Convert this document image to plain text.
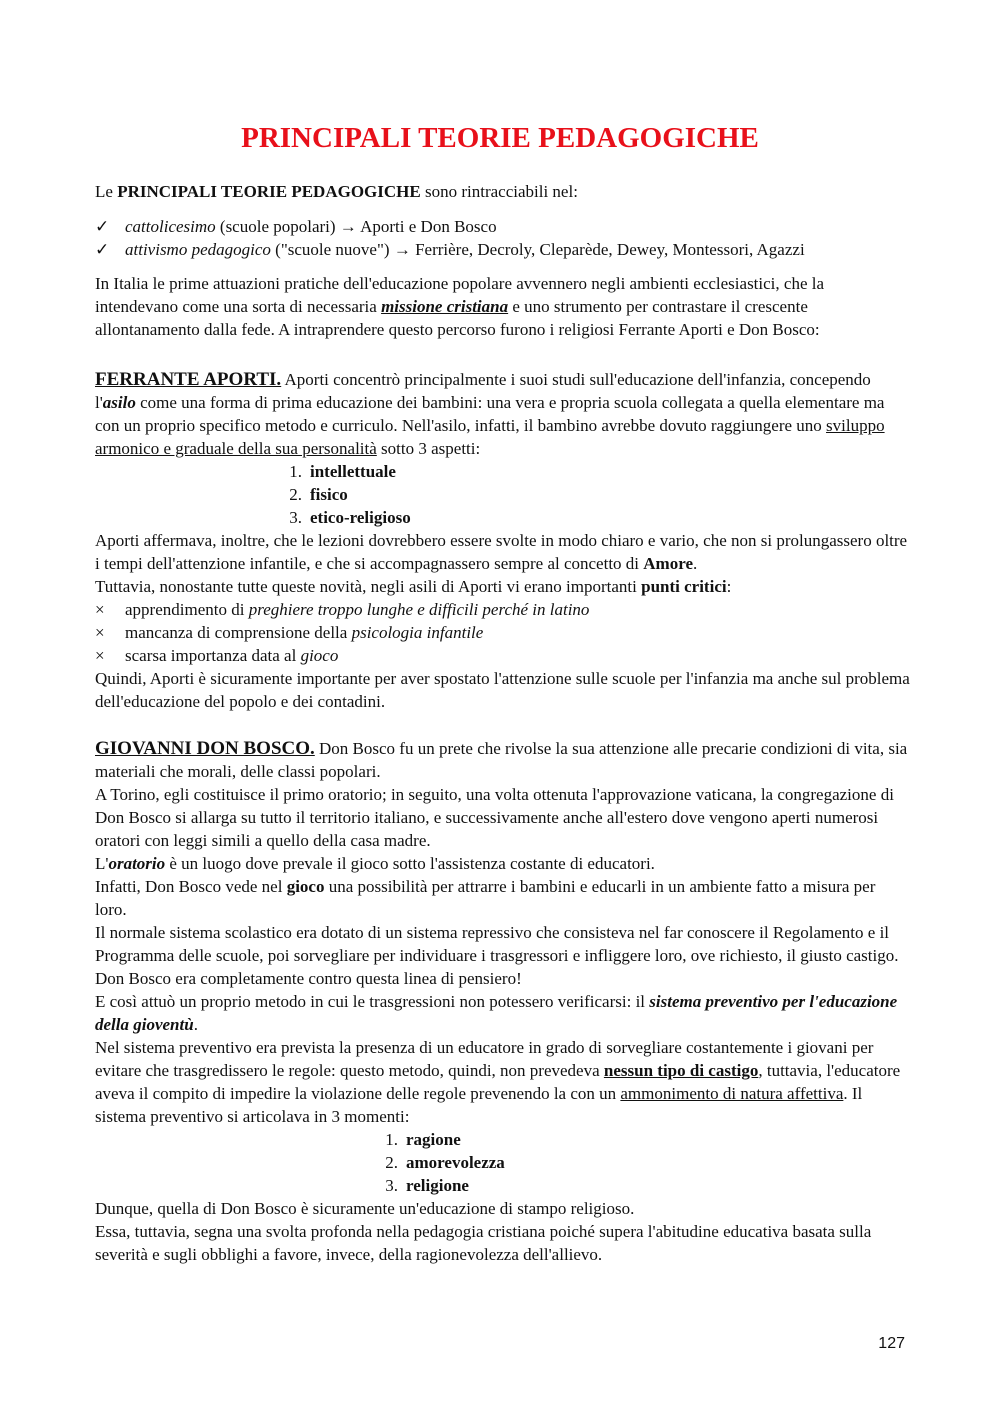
PRINCIPALI TEORIE PEDAGOGICHE

Le PRINCIPALI TEORIE PEDAGOGICHE sono rintracciabili nel:

✓ cattolicesimo (scuole popolari) → Aporti e Don Bosco
✓ attivismo pedagogico ("scuole nuove") → Ferrière, Decroly, Cleparède, Dewey, Montessori, Agazzi

In Italia le prime attuazioni pratiche dell'educazione popolare avvennero negli ambienti ecclesiastici, che la intendevano come una sorta di necessaria missione cristiana e uno strumento per contrastare il crescente allontanamento dalla fede. A intraprendere questo percorso furono i religiosi Ferrante Aporti e Don Bosco:

FERRANTE APORTI. Aporti concentrò principalmente i suoi studi sull'educazione dell'infanzia, concependo l'asilo come una forma di prima educazione dei bambini: una vera e propria scuola collegata a quella elementare ma con un proprio specifico metodo e curriculo. Nell'asilo, infatti, il bambino avrebbe dovuto raggiungere uno sviluppo armonico e graduale della sua personalità sotto 3 aspetti:

1. intellettuale
2. fisico
3. etico-religioso

Aporti affermava, inoltre, che le lezioni dovrebbero essere svolte in modo chiaro e vario, che non si prolungassero oltre i tempi dell'attenzione infantile, e che si accompagnassero sempre al concetto di Amore.

Tuttavia, nonostante tutte queste novità, negli asili di Aporti vi erano importanti punti critici:

×	apprendimento di preghiere troppo lunghe e difficili perché in latino
×	mancanza di comprensione della psicologia infantile
×	scarsa importanza data al gioco

Quindi, Aporti è sicuramente importante per aver spostato l'attenzione sulle scuole per l'infanzia ma anche sul problema dell'educazione del popolo e dei contadini.

GIOVANNI DON BOSCO. Don Bosco fu un prete che rivolse la sua attenzione alle precarie condizioni di vita, sia materiali che morali, delle classi popolari.

A Torino, egli costituisce il primo oratorio; in seguito, una volta ottenuta l'approvazione vaticana, la congregazione di Don Bosco si allarga su tutto il territorio italiano, e successivamente anche all'estero dove vengono aperti numerosi oratori con leggi simili a quello della casa madre.

L'oratorio è un luogo dove prevale il gioco sotto l'assistenza costante di educatori.

Infatti, Don Bosco vede nel gioco una possibilità per attrarre i bambini e educarli in un ambiente fatto a misura per loro.

Il normale sistema scolastico era dotato di un sistema repressivo che consisteva nel far conoscere il Regolamento e il Programma delle scuole, poi sorvegliare per individuare i trasgressori e infliggere loro, ove richiesto, il giusto castigo.

Don Bosco era completamente contro questa linea di pensiero!

E così attuò un proprio metodo in cui le trasgressioni non potessero verificarsi: il sistema preventivo per l'educazione della gioventù.

Nel sistema preventivo era prevista la presenza di un educatore in grado di sorvegliare costantemente i giovani per evitare che trasgredissero le regole: questo metodo, quindi, non prevedeva nessun tipo di castigo, tuttavia, l'educatore aveva il compito di impedire la violazione delle regole prevenendo la con un ammonimento di natura affettiva. Il sistema preventivo si articolava in 3 momenti:

1. ragione
2. amorevolezza
3. religione

Dunque, quella di Don Bosco è sicuramente un'educazione di stampo religioso.

Essa, tuttavia, segna una svolta profonda nella pedagogia cristiana poiché supera l'abitudine educativa basata sulla severità e sugli obblighi a favore, invece, della ragionevolezza dell'allievo.

127
